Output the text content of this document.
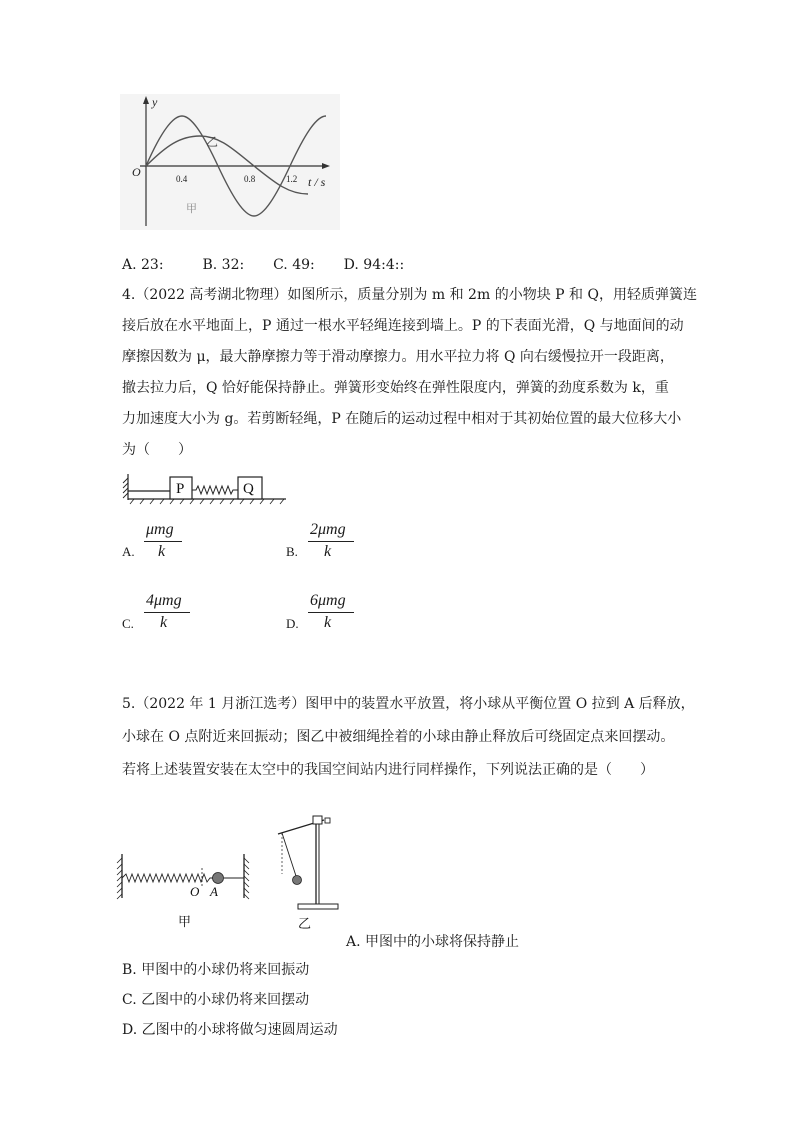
y
O	0.4	0.8	1.2 t / s
乙
甲
A. 23:	B. 32: C. 49: D. 94:4::
4.（2022 高考湖北物理）如图所示，质量分别为 m 和 2m 的小物块 P 和 Q，用轻质弹簧连
接后放在水平地面上，P 通过一根水平轻绳连接到墙上。P 的下表面光滑，Q 与地面间的动
摩擦因数为 μ，最大静摩擦力等于滑动摩擦力。用水平拉力将 Q 向右缓慢拉开一段距离，
撤去拉力后，Q 恰好能保持静止。弹簧形变始终在弹性限度内，弹簧的劲度系数为 k，重
力加速度大小为 g。若剪断轻绳，P 在随后的运动过程中相对于其初始位置的最大位移大小
为（　　）
P	Q
A.
μmg
k	B.
2μmg
k
C.
4μmg
k	D.
6μmg
k
5.（2022 年 1 月浙江选考）图甲中的装置水平放置，将小球从平衡位置 O 拉到 A 后释放，
小球在 O 点附近来回振动；图乙中被细绳拴着的小球由静止释放后可绕固定点来回摆动。
若将上述装置安装在太空中的我国空间站内进行同样操作，下列说法正确的是（　　）
O A
甲	乙
A. 甲图中的小球将保持静止
B. 甲图中的小球仍将来回振动
C. 乙图中的小球仍将来回摆动
D. 乙图中的小球将做匀速圆周运动
